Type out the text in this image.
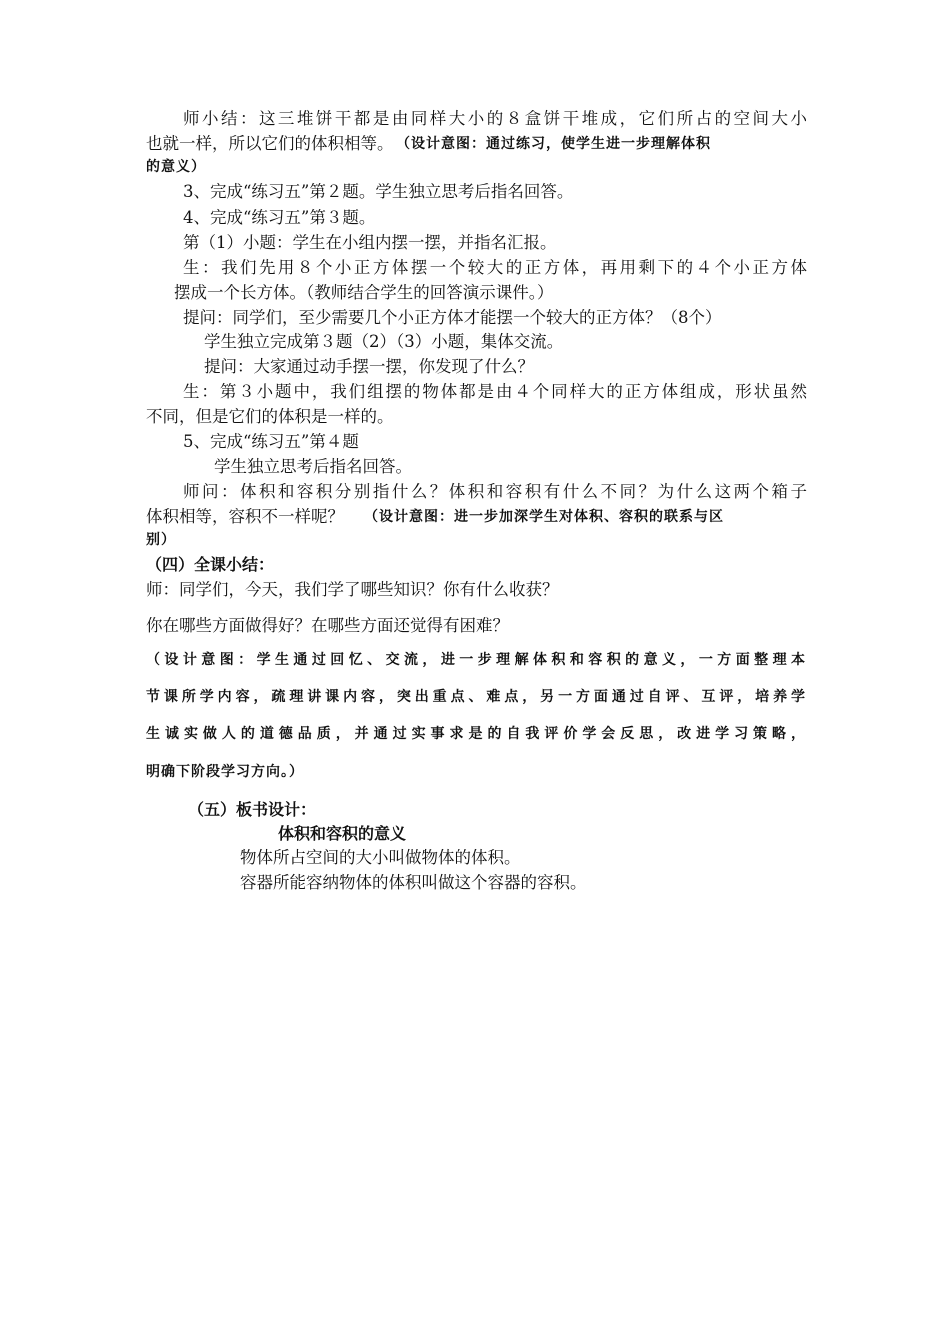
师小结：这三堆饼干都是由同样大小的８盒饼干堆成，它们所占的空间大小
也就一样，所以它们的体积相等。 （设计意图：通过练习，使学生进一步理解体积
的意义）
3、完成“练习五”第２题。学生独立思考后指名回答。
4、完成“练习五”第３题。
第（1）小题：学生在小组内摆一摆，并指名汇报。
生：我们先用８个小正方体摆一个较大的正方体，再用剩下的４个小正方体
摆成一个长方体。（教师结合学生的回答演示课件。）
提问：同学们，至少需要几个小正方体才能摆一个较大的正方体？（8个）
学生独立完成第３题（2）（3）小题，集体交流。
提问：大家通过动手摆一摆，你发现了什么？
生：第３小题中，我们组摆的物体都是由４个同样大的正方体组成，形状虽然
不同，但是它们的体积是一样的。
5、完成“练习五”第４题
学生独立思考后指名回答。
师问：体积和容积分别指什么？体积和容积有什么不同？为什么这两个箱子
体积相等，容积不一样呢？ （设计意图：进一步加深学生对体积、容积的联系与区
别）
（四）全课小结：
师：同学们，今天，我们学了哪些知识？你有什么收获？
你在哪些方面做得好？在哪些方面还觉得有困难？
（设计意图：学生通过回忆、交流，进一步理解体积和容积的意义，一方面整理本
节课所学内容，疏理讲课内容，突出重点、难点，另一方面通过自评、互评，培养学
生诚实做人的道德品质，并通过实事求是的自我评价学会反思，改进学习策略，
明确下阶段学习方向。）
（五）板书设计：
体积和容积的意义
物体所占空间的大小叫做物体的体积。
容器所能容纳物体的体积叫做这个容器的容积。
